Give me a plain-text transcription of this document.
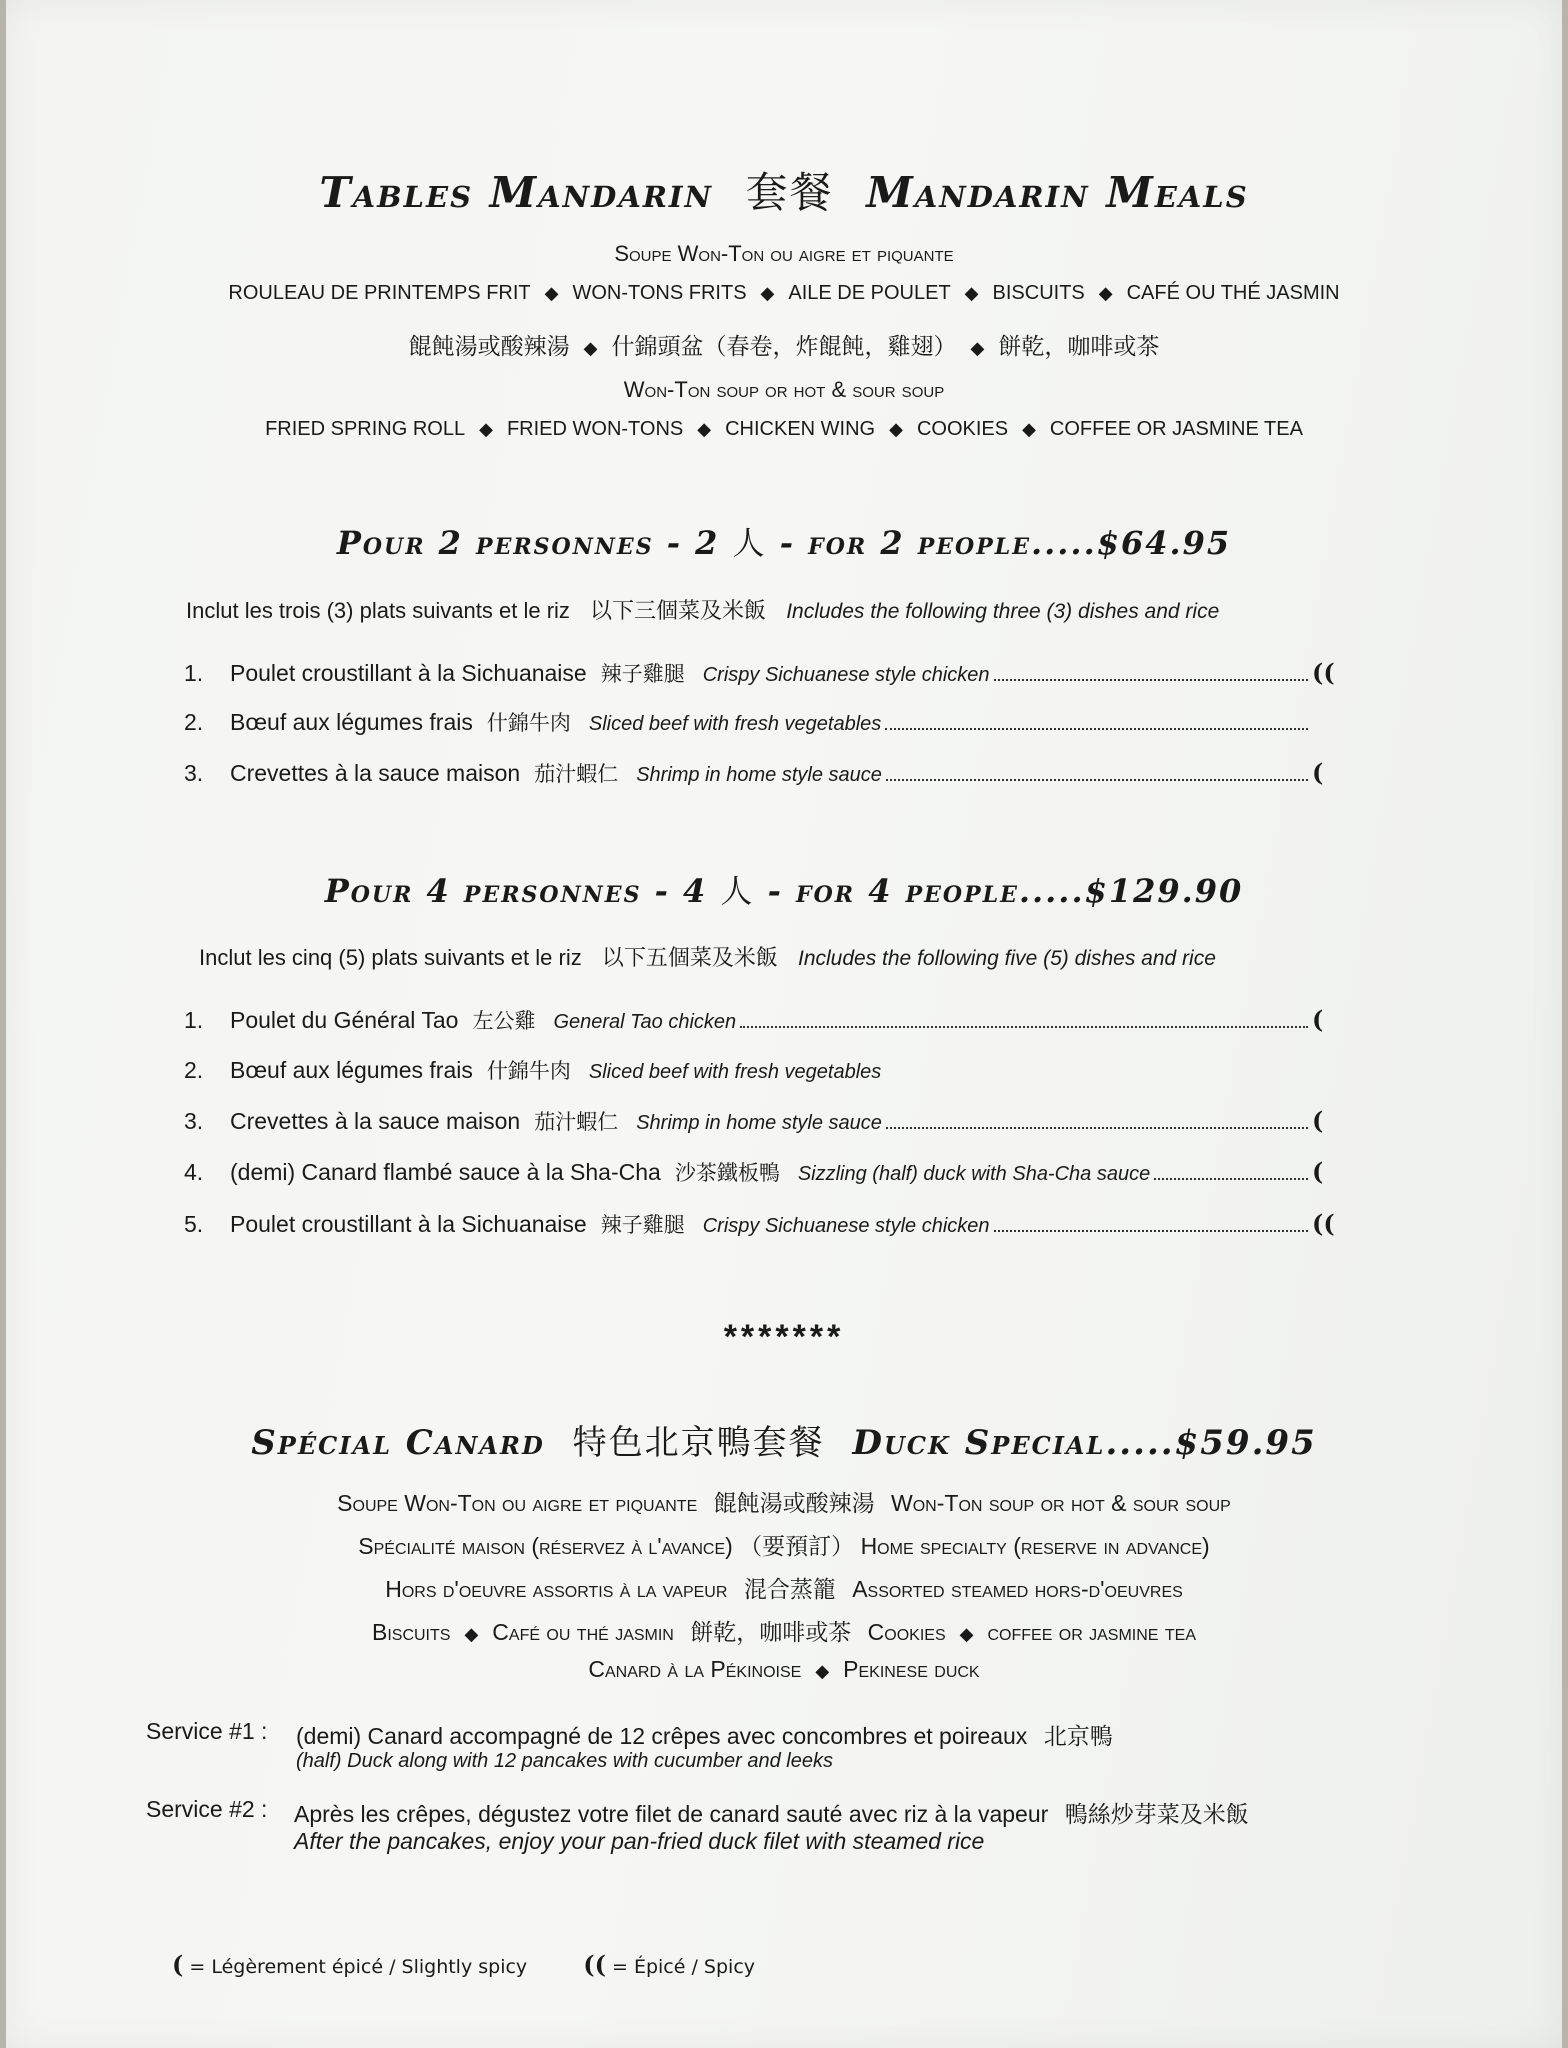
Tables Mandarin 套餐 Mandarin Meals
Soupe Won-Ton ou aigre et piquante
ROULEAU DE PRINTEMPS FRIT ◆ WON-TONS FRITS ◆ AILE DE POULET ◆ BISCUITS ◆ CAFÉ OU THÉ JASMIN
餛飩湯或酸辣湯 ◆ 什錦頭盆（春卷，炸餛飩，雞翅） ◆ 餅乾，咖啡或茶
Won-Ton soup or hot & sour soup
FRIED SPRING ROLL ◆ FRIED WON-TONS ◆ CHICKEN WING ◆ COOKIES ◆ COFFEE OR JASMINE TEA
Pour 2 personnes - 2 人 - for 2 people.....$64.95
Inclut les trois (3) plats suivants et le riz 以下三個菜及米飯 Includes the following three (3) dishes and rice
1.	Poulet croustillant à la Sichuanaise 辣子雞腿 Crispy Sichuanese style chicken	((
2.	Bœuf aux légumes frais 什錦牛肉 Sliced beef with fresh vegetables
3.	Crevettes à la sauce maison 茄汁蝦仁 Shrimp in home style sauce	(
Pour 4 personnes - 4 人 - for 4 people.....$129.90
Inclut les cinq (5) plats suivants et le riz 以下五個菜及米飯 Includes the following five (5) dishes and rice
1.	Poulet du Général Tao 左公雞 General Tao chicken	(
2.	Bœuf aux légumes frais 什錦牛肉 Sliced beef with fresh vegetables
3.	Crevettes à la sauce maison 茄汁蝦仁 Shrimp in home style sauce	(
4.	(demi) Canard flambé sauce à la Sha-Cha 沙茶鐵板鴨 Sizzling (half) duck with Sha-Cha sauce	(
5.	Poulet croustillant à la Sichuanaise 辣子雞腿 Crispy Sichuanese style chicken	((
*******
Spécial Canard 特色北京鴨套餐 Duck Special.....$59.95
Soupe Won-Ton ou aigre et piquante 餛飩湯或酸辣湯 Won-Ton soup or hot & sour soup
Spécialité maison (réservez à l'avance) （要預訂） Home specialty (reserve in advance)
Hors d'oeuvre assortis à la vapeur 混合蒸籠 Assorted steamed hors-d'oeuvres
Biscuits ◆ Café ou thé jasmin 餅乾，咖啡或茶 Cookies ◆ coffee or jasmine tea
Canard à la Pékinoise ◆ Pekinese duck
Service #1 : (demi) Canard accompagné de 12 crêpes avec concombres et poireaux 北京鴨
(half) Duck along with 12 pancakes with cucumber and leeks
Service #2 : Après les crêpes, dégustez votre filet de canard sauté avec riz à la vapeur 鴨絲炒芽菜及米飯
After the pancakes, enjoy your pan-fried duck filet with steamed rice
( = Légèrement épicé / Slightly spicy (( = Épicé / Spicy
